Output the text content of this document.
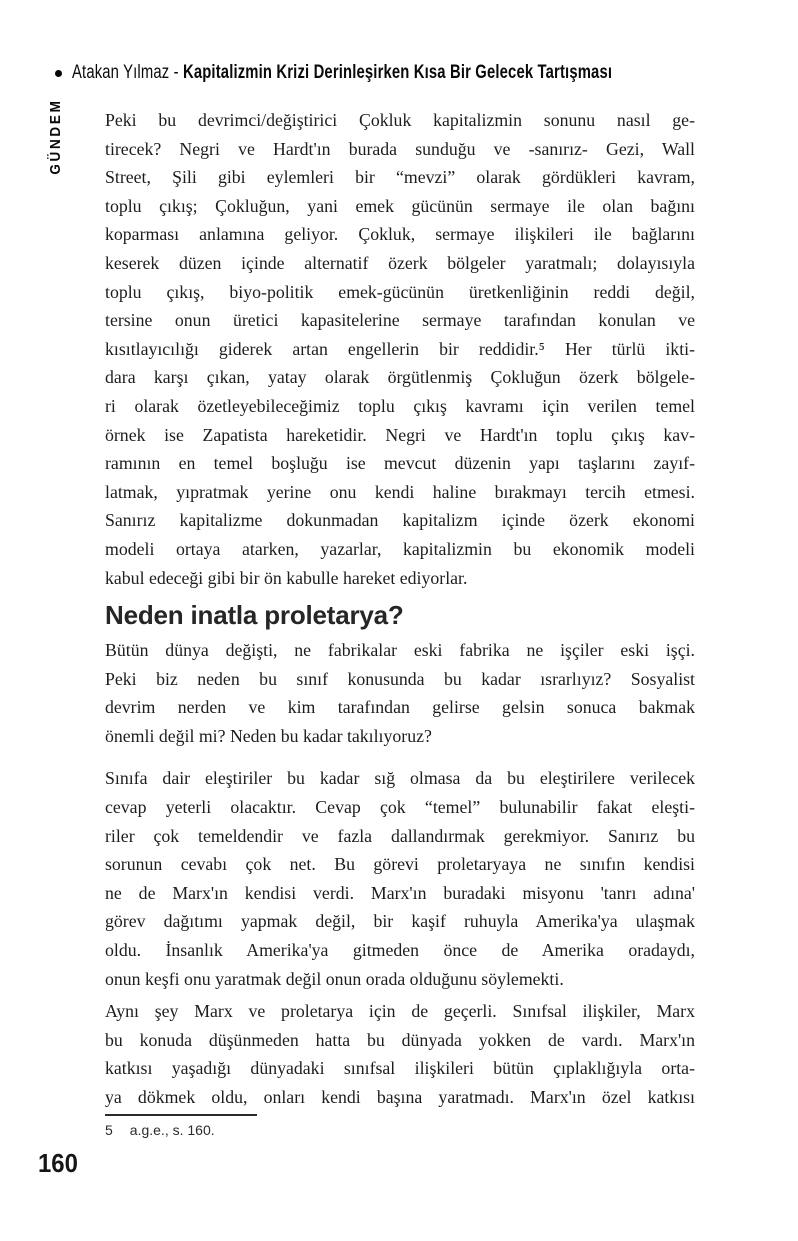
Atakan Yılmaz - Kapitalizmin Krizi Derinleşirken Kısa Bir Gelecek Tartışması
GÜNDEM Peki bu devrimci/değiştirici Çokluk kapitalizmin sonunu nasıl ge-
tirecek? Negri ve Hardt'ın burada sunduğu ve -sanırız- Gezi, Wall
Street, Şili gibi eylemleri bir “mevzi” olarak gördükleri kavram,
toplu çıkış; Çokluğun, yani emek gücünün sermaye ile olan bağını
koparması anlamına geliyor. Çokluk, sermaye ilişkileri ile bağlarını
keserek düzen içinde alternatif özerk bölgeler yaratmalı; dolayısıyla
toplu çıkış, biyo-politik emek-gücünün üretkenliğinin reddi değil,
tersine onun üretici kapasitelerine sermaye tarafından konulan ve
kısıtlayıcılığı giderek artan engellerin bir reddidir.⁵ Her türlü ikti-
dara karşı çıkan, yatay olarak örgütlenmiş Çokluğun özerk bölgele-
ri olarak özetleyebileceğimiz toplu çıkış kavramı için verilen temel
örnek ise Zapatista hareketidir. Negri ve Hardt'ın toplu çıkış kav-
ramının en temel boşluğu ise mevcut düzenin yapı taşlarını zayıf-
latmak, yıpratmak yerine onu kendi haline bırakmayı tercih etmesi.
Sanırız kapitalizme dokunmadan kapitalizm içinde özerk ekonomi
modeli ortaya atarken, yazarlar, kapitalizmin bu ekonomik modeli
kabul edeceği gibi bir ön kabulle hareket ediyorlar.
Neden inatla proletarya?
Bütün dünya değişti, ne fabrikalar eski fabrika ne işçiler eski işçi.
Peki biz neden bu sınıf konusunda bu kadar ısrarlıyız? Sosyalist
devrim nerden ve kim tarafından gelirse gelsin sonuca bakmak
önemli değil mi? Neden bu kadar takılıyoruz?
Sınıfa dair eleştiriler bu kadar sığ olmasa da bu eleştirilere verilecek
cevap yeterli olacaktır. Cevap çok “temel” bulunabilir fakat eleşti-
riler çok temeldendir ve fazla dallandırmak gerekmiyor. Sanırız bu
sorunun cevabı çok net. Bu görevi proletaryaya ne sınıfın kendisi
ne de Marx'ın kendisi verdi. Marx'ın buradaki misyonu 'tanrı adına'
görev dağıtımı yapmak değil, bir kaşif ruhuyla Amerika'ya ulaşmak
oldu. İnsanlık Amerika'ya gitmeden önce de Amerika oradaydı,
onun keşfi onu yaratmak değil onun orada olduğunu söylemekti.
Aynı şey Marx ve proletarya için de geçerli. Sınıfsal ilişkiler, Marx
bu konuda düşünmeden hatta bu dünyada yokken de vardı. Marx'ın
katkısı yaşadığı dünyadaki sınıfsal ilişkileri bütün çıplaklığıyla orta-
ya dökmek oldu, onları kendi başına yaratmadı. Marx'ın özel katkısı
5 a.g.e., s. 160.
160
